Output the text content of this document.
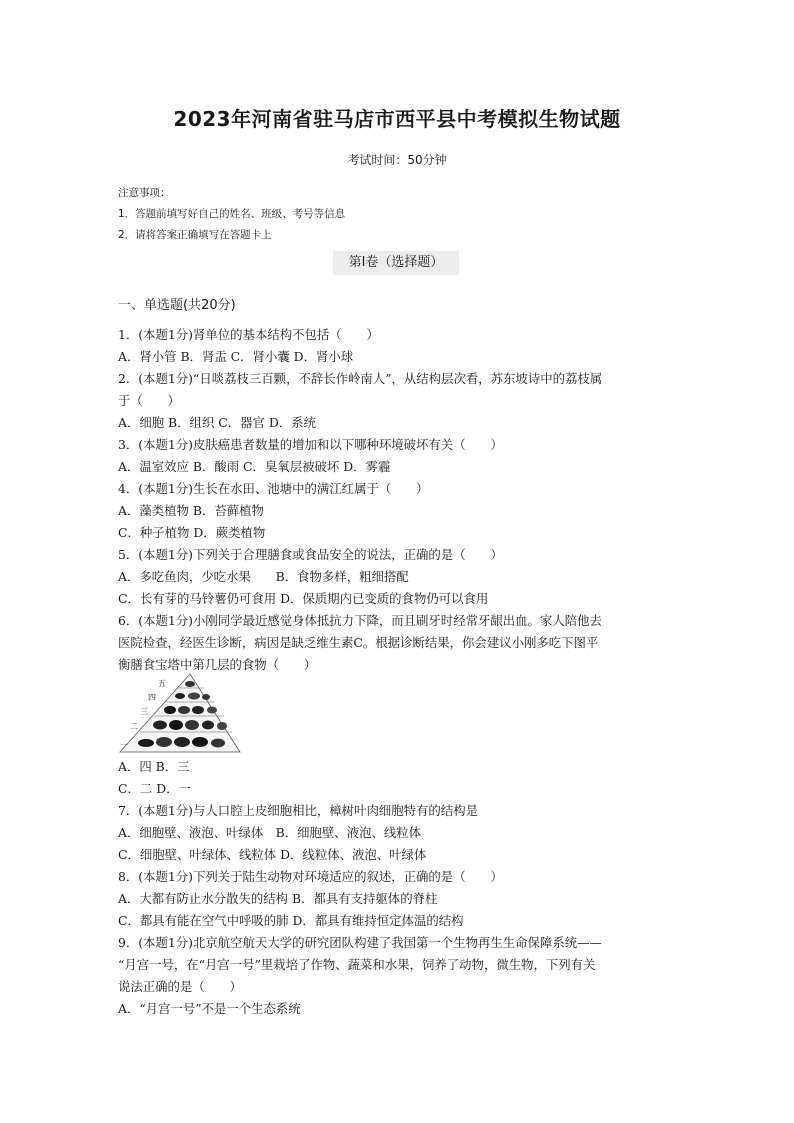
2023年河南省驻马店市西平县中考模拟生物试题
考试时间：50分钟
注意事项：
1．答题前填写好自己的姓名、班级、考号等信息
2．请将答案正确填写在答题卡上
第I卷（选择题）
一、单选题(共20分)
1．(本题1分)肾单位的基本结构不包括（　　）
A．肾小管 B．肾盂 C．肾小囊 D．肾小球
2．(本题1分)“日啖荔枝三百颗，不辞长作岭南人”，从结构层次看，苏东坡诗中的荔枝属
于（　　）
A．细胞 B．组织 C．器官 D．系统
3．(本题1分)皮肤癌患者数量的增加和以下哪种环境破坏有关（　　）
A．温室效应 B．酸雨 C．臭氧层被破坏 D．雾霾
4．(本题1分)生长在水田、池塘中的满江红属于（　　）
A．藻类植物 B．苔藓植物
C．种子植物 D．蕨类植物
5．(本题1分)下列关于合理膳食或食品安全的说法，正确的是（　　）
A．多吃鱼肉，少吃水果　　B．食物多样，粗细搭配
C．长有芽的马铃薯仍可食用 D．保质期内已变质的食物仍可以食用
6．(本题1分)小刚同学最近感觉身体抵抗力下降，而且刷牙时经常牙龈出血。家人陪他去
医院检查，经医生诊断，病因是缺乏维生素C。根据诊断结果，你会建议小刚多吃下图平
衡膳食宝塔中第几层的食物（　　）
五
四
三
二
一
A．四 B．三
C．二 D．一
7．(本题1分)与人口腔上皮细胞相比，樟树叶肉细胞特有的结构是
A．细胞壁、液泡、叶绿体　B．细胞壁、液泡、线粒体
C．细胞壁、叶绿体、线粒体 D．线粒体、液泡、叶绿体
8．(本题1分)下列关于陆生动物对环境适应的叙述，正确的是（　　）
A．大都有防止水分散失的结构 B．都具有支持躯体的脊柱
C．都具有能在空气中呼吸的肺 D．都具有维持恒定体温的结构
9．(本题1分)北京航空航天大学的研究团队构建了我国第一个生物再生生命保障系统——
“月宫一号，在“月宫一号”里栽培了作物、蔬菜和水果，饲养了动物，微生物，下列有关
说法正确的是（　　）
A．“月宫一号”不是一个生态系统
